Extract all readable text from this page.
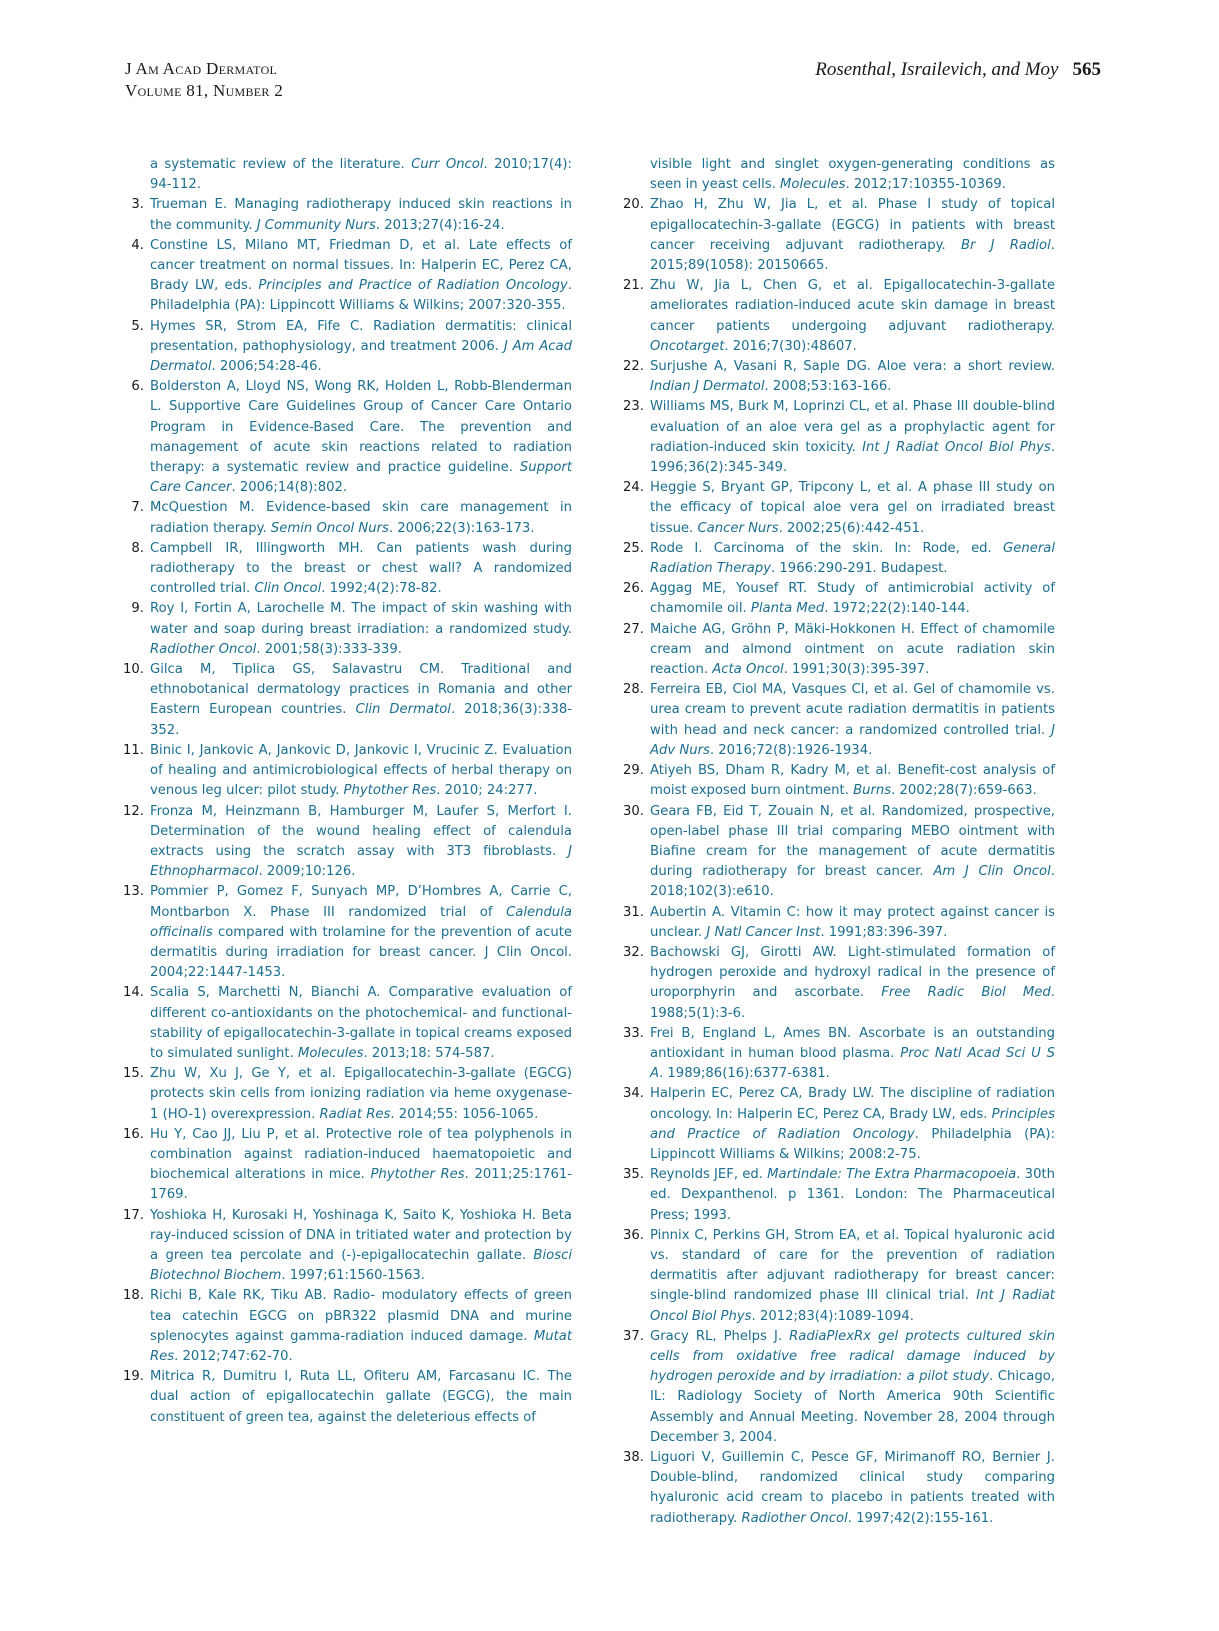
J Am Acad Dermatol
Volume 81, Number 2
Rosenthal, Israilevich, and Moy 565

a systematic review of the literature. Curr Oncol. 2010;17(4): 94-112.

3. Trueman E. Managing radiotherapy induced skin reactions in the community. J Community Nurs. 2013;27(4):16-24.

4. Constine LS, Milano MT, Friedman D, et al. Late effects of cancer treatment on normal tissues. In: Halperin EC, Perez CA, Brady LW, eds. Principles and Practice of Radiation Oncology. Philadelphia (PA): Lippincott Williams & Wilkins; 2007:320-355.

5. Hymes SR, Strom EA, Fife C. Radiation dermatitis: clinical presentation, pathophysiology, and treatment 2006. J Am Acad Dermatol. 2006;54:28-46.

6. Bolderston A, Lloyd NS, Wong RK, Holden L, Robb-Blenderman L. Supportive Care Guidelines Group of Cancer Care Ontario Program in Evidence-Based Care. The prevention and management of acute skin reactions related to radiation therapy: a systematic review and practice guideline. Support Care Cancer. 2006;14(8):802.

7. McQuestion M. Evidence-based skin care management in radiation therapy. Semin Oncol Nurs. 2006;22(3):163-173.

8. Campbell IR, Illingworth MH. Can patients wash during radiotherapy to the breast or chest wall? A randomized controlled trial. Clin Oncol. 1992;4(2):78-82.

9. Roy I, Fortin A, Larochelle M. The impact of skin washing with water and soap during breast irradiation: a randomized study. Radiother Oncol. 2001;58(3):333-339.

10. Gilca M, Tiplica GS, Salavastru CM. Traditional and ethnobotanical dermatology practices in Romania and other Eastern European countries. Clin Dermatol. 2018;36(3):338-352.

11. Binic I, Jankovic A, Jankovic D, Jankovic I, Vrucinic Z. Evaluation of healing and antimicrobiological effects of herbal therapy on venous leg ulcer: pilot study. Phytother Res. 2010; 24:277.

12. Fronza M, Heinzmann B, Hamburger M, Laufer S, Merfort I. Determination of the wound healing effect of calendula extracts using the scratch assay with 3T3 fibroblasts. J Ethnopharmacol. 2009;10:126.

13. Pommier P, Gomez F, Sunyach MP, D’Hombres A, Carrie C, Montbarbon X. Phase III randomized trial of Calendula officinalis compared with trolamine for the prevention of acute dermatitis during irradiation for breast cancer. J Clin Oncol. 2004;22:1447-1453.

14. Scalia S, Marchetti N, Bianchi A. Comparative evaluation of different co-antioxidants on the photochemical- and functional-stability of epigallocatechin-3-gallate in topical creams exposed to simulated sunlight. Molecules. 2013;18: 574-587.

15. Zhu W, Xu J, Ge Y, et al. Epigallocatechin-3-gallate (EGCG) protects skin cells from ionizing radiation via heme oxygenase-1 (HO-1) overexpression. Radiat Res. 2014;55: 1056-1065.

16. Hu Y, Cao JJ, Liu P, et al. Protective role of tea polyphenols in combination against radiation-induced haematopoietic and biochemical alterations in mice. Phytother Res. 2011;25:1761-1769.

17. Yoshioka H, Kurosaki H, Yoshinaga K, Saito K, Yoshioka H. Beta ray-induced scission of DNA in tritiated water and protection by a green tea percolate and (-)-epigallocatechin gallate. Biosci Biotechnol Biochem. 1997;61:1560-1563.

18. Richi B, Kale RK, Tiku AB. Radio- modulatory effects of green tea catechin EGCG on pBR322 plasmid DNA and murine splenocytes against gamma-radiation induced damage. Mutat Res. 2012;747:62-70.

19. Mitrica R, Dumitru I, Ruta LL, Ofiteru AM, Farcasanu IC. The dual action of epigallocatechin gallate (EGCG), the main constituent of green tea, against the deleterious effects of

visible light and singlet oxygen-generating conditions as seen in yeast cells. Molecules. 2012;17:10355-10369.

20. Zhao H, Zhu W, Jia L, et al. Phase I study of topical epigallocatechin-3-gallate (EGCG) in patients with breast cancer receiving adjuvant radiotherapy. Br J Radiol. 2015;89(1058): 20150665.

21. Zhu W, Jia L, Chen G, et al. Epigallocatechin-3-gallate ameliorates radiation-induced acute skin damage in breast cancer patients undergoing adjuvant radiotherapy. Oncotarget. 2016;7(30):48607.

22. Surjushe A, Vasani R, Saple DG. Aloe vera: a short review. Indian J Dermatol. 2008;53:163-166.

23. Williams MS, Burk M, Loprinzi CL, et al. Phase III double-blind evaluation of an aloe vera gel as a prophylactic agent for radiation-induced skin toxicity. Int J Radiat Oncol Biol Phys. 1996;36(2):345-349.

24. Heggie S, Bryant GP, Tripcony L, et al. A phase III study on the efficacy of topical aloe vera gel on irradiated breast tissue. Cancer Nurs. 2002;25(6):442-451.

25. Rode I. Carcinoma of the skin. In: Rode, ed. General Radiation Therapy. 1966:290-291. Budapest.

26. Aggag ME, Yousef RT. Study of antimicrobial activity of chamomile oil. Planta Med. 1972;22(2):140-144.

27. Maiche AG, Gröhn P, Mäki-Hokkonen H. Effect of chamomile cream and almond ointment on acute radiation skin reaction. Acta Oncol. 1991;30(3):395-397.

28. Ferreira EB, Ciol MA, Vasques CI, et al. Gel of chamomile vs. urea cream to prevent acute radiation dermatitis in patients with head and neck cancer: a randomized controlled trial. J Adv Nurs. 2016;72(8):1926-1934.

29. Atiyeh BS, Dham R, Kadry M, et al. Benefit-cost analysis of moist exposed burn ointment. Burns. 2002;28(7):659-663.

30. Geara FB, Eid T, Zouain N, et al. Randomized, prospective, open-label phase III trial comparing MEBO ointment with Biafine cream for the management of acute dermatitis during radiotherapy for breast cancer. Am J Clin Oncol. 2018;102(3):e610.

31. Aubertin A. Vitamin C: how it may protect against cancer is unclear. J Natl Cancer Inst. 1991;83:396-397.

32. Bachowski GJ, Girotti AW. Light-stimulated formation of hydrogen peroxide and hydroxyl radical in the presence of uroporphyrin and ascorbate. Free Radic Biol Med. 1988;5(1):3-6.

33. Frei B, England L, Ames BN. Ascorbate is an outstanding antioxidant in human blood plasma. Proc Natl Acad Sci U S A. 1989;86(16):6377-6381.

34. Halperin EC, Perez CA, Brady LW. The discipline of radiation oncology. In: Halperin EC, Perez CA, Brady LW, eds. Principles and Practice of Radiation Oncology. Philadelphia (PA): Lippincott Williams & Wilkins; 2008:2-75.

35. Reynolds JEF, ed. Martindale: The Extra Pharmacopoeia. 30th ed. Dexpanthenol. p 1361. London: The Pharmaceutical Press; 1993.

36. Pinnix C, Perkins GH, Strom EA, et al. Topical hyaluronic acid vs. standard of care for the prevention of radiation dermatitis after adjuvant radiotherapy for breast cancer: single-blind randomized phase III clinical trial. Int J Radiat Oncol Biol Phys. 2012;83(4):1089-1094.

37. Gracy RL, Phelps J. RadiaPlexRx gel protects cultured skin cells from oxidative free radical damage induced by hydrogen peroxide and by irradiation: a pilot study. Chicago, IL: Radiology Society of North America 90th Scientific Assembly and Annual Meeting. November 28, 2004 through December 3, 2004.

38. Liguori V, Guillemin C, Pesce GF, Mirimanoff RO, Bernier J. Double-blind, randomized clinical study comparing hyaluronic acid cream to placebo in patients treated with radiotherapy. Radiother Oncol. 1997;42(2):155-161.
